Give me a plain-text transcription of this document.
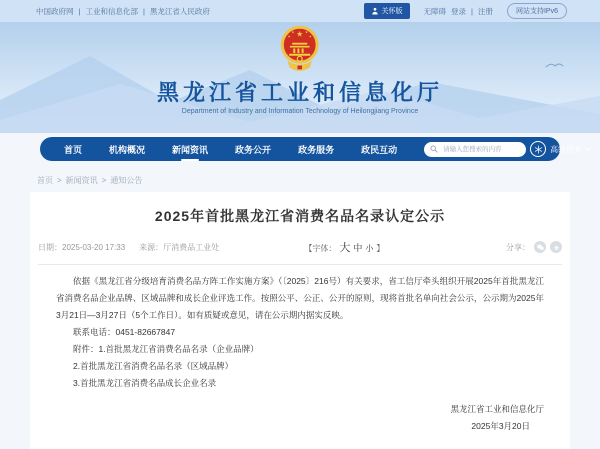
中国政府网 | 工业和信息化部 | 黑龙江省人民政府	关怀版	无障碍 登录 | 注册	网站支持IPv6
黑龙江省工业和信息化厅
Department of Industry and Information Technology of Heilongjiang Province
首页	机构概况	新闻资讯	政务公开	政务服务	政民互动
请输入您搜索的内容	高级搜索
首页 > 新闻资讯 > 通知公告
2025年首批黑龙江省消费名品名录认定公示
日期：2025-03-20 17:33 来源：厅消费品工业处	【字体： 大 中 小 】	分享：

依据《黑龙江省分级培育消费名品方阵工作实施方案》（〔2025〕216号）有关要求，省工信厅牵头组织开展2025年首批黑龙江省消费名品企业品牌、区域品牌和成长企业评选工作。按照公平、公正、公开的原则，现将首批名单向社会公示，公示期为2025年3月21日—3月27日（5个工作日）。如有质疑或意见，请在公示期内据实反映。

联系电话：0451-82667847

附件：1.首批黑龙江省消费名品名录（企业品牌）

2.首批黑龙江省消费名品名录（区域品牌）

3.首批黑龙江省消费名品成长企业名录

黑龙江省工业和信息化厅
2025年3月20日
